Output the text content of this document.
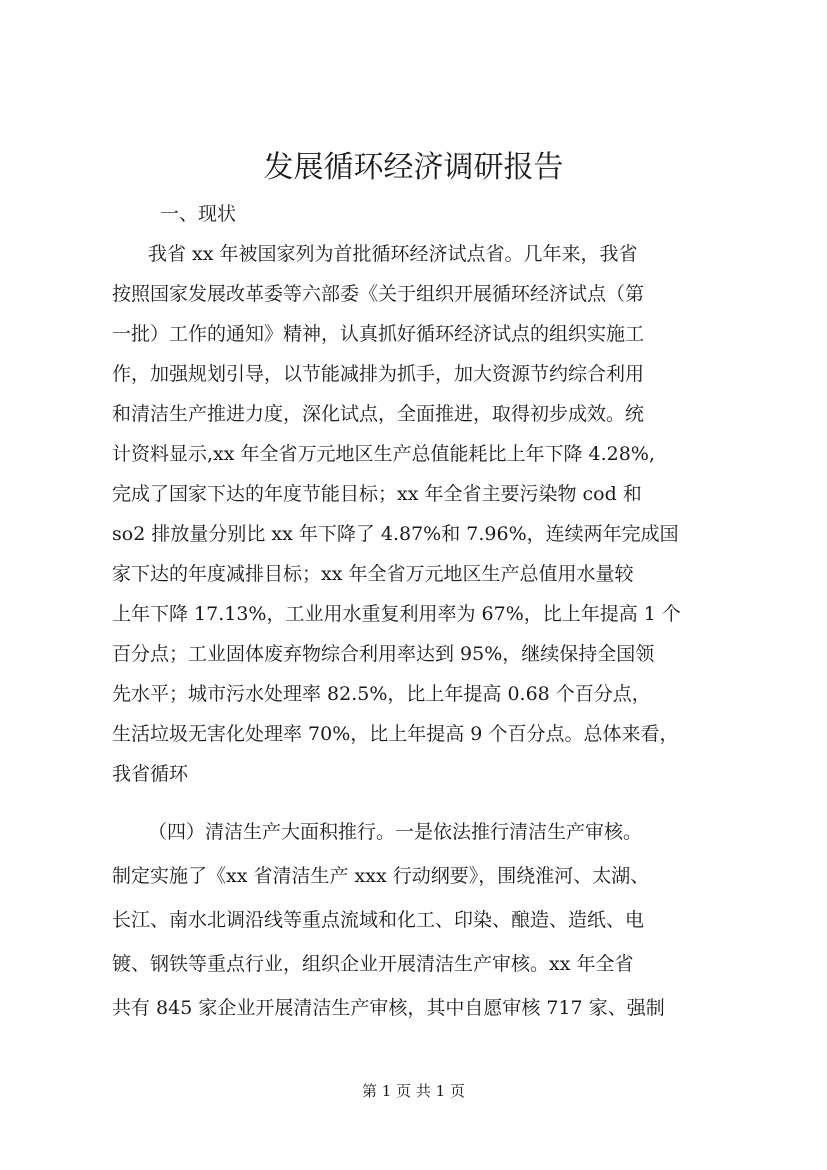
发展循环经济调研报告

一、现状

我省 xx 年被国家列为首批循环经济试点省。几年来，我省

按照国家发展改革委等六部委《关于组织开展循环经济试点（第

一批）工作的通知》精神，认真抓好循环经济试点的组织实施工

作，加强规划引导，以节能减排为抓手，加大资源节约综合利用

和清洁生产推进力度，深化试点，全面推进，取得初步成效。统

计资料显示,xx 年全省万元地区生产总值能耗比上年下降 4.28%,

完成了国家下达的年度节能目标；xx 年全省主要污染物 cod 和

so2 排放量分别比 xx 年下降了 4.87%和 7.96%，连续两年完成国

家下达的年度减排目标；xx 年全省万元地区生产总值用水量较

上年下降 17.13%，工业用水重复利用率为 67%，比上年提高 1 个

百分点；工业固体废弃物综合利用率达到 95%，继续保持全国领

先水平；城市污水处理率 82.5%，比上年提高 0.68 个百分点，

生活垃圾无害化处理率 70%，比上年提高 9 个百分点。总体来看，

我省循环

（四）清洁生产大面积推行。一是依法推行清洁生产审核。

制定实施了《xx 省清洁生产 xxx 行动纲要》，围绕淮河、太湖、

长江、南水北调沿线等重点流域和化工、印染、酿造、造纸、电

镀、钢铁等重点行业，组织企业开展清洁生产审核。xx 年全省

共有 845 家企业开展清洁生产审核，其中自愿审核 717 家、强制

第 1 页 共 1 页
